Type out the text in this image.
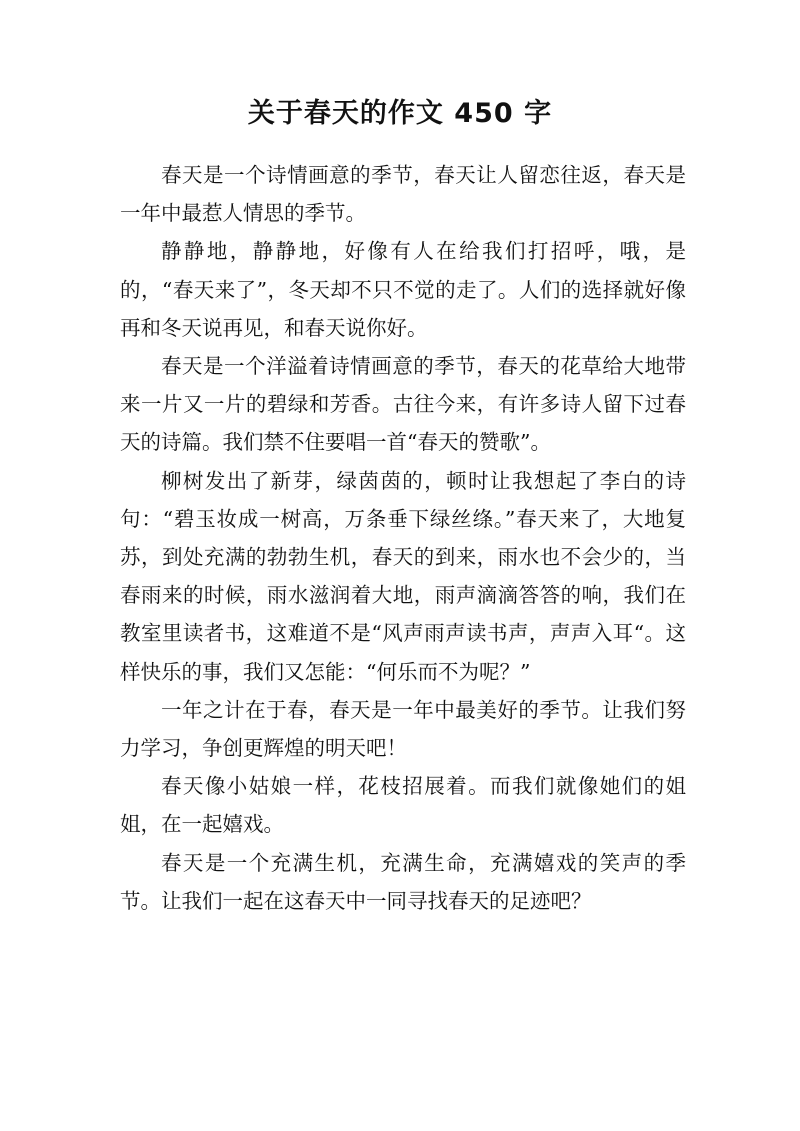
关于春天的作文 450 字

春天是一个诗情画意的季节，春天让人留恋往返，春天是一年中最惹人情思的季节。

静静地，静静地，好像有人在给我们打招呼，哦，是的，“春天来了”，冬天却不只不觉的走了。人们的选择就好像再和冬天说再见，和春天说你好。

春天是一个洋溢着诗情画意的季节，春天的花草给大地带来一片又一片的碧绿和芳香。古往今来，有许多诗人留下过春天的诗篇。我们禁不住要唱一首“春天的赞歌”。

柳树发出了新芽，绿茵茵的，顿时让我想起了李白的诗句：“碧玉妆成一树高，万条垂下绿丝绦。”春天来了，大地复苏，到处充满的勃勃生机，春天的到来，雨水也不会少的，当春雨来的时候，雨水滋润着大地，雨声滴滴答答的响，我们在教室里读者书，这难道不是“风声雨声读书声，声声入耳“。这样快乐的事，我们又怎能：“何乐而不为呢？”

一年之计在于春，春天是一年中最美好的季节。让我们努力学习，争创更辉煌的明天吧！

春天像小姑娘一样，花枝招展着。而我们就像她们的姐姐，在一起嬉戏。

春天是一个充满生机，充满生命，充满嬉戏的笑声的季节。让我们一起在这春天中一同寻找春天的足迹吧？
